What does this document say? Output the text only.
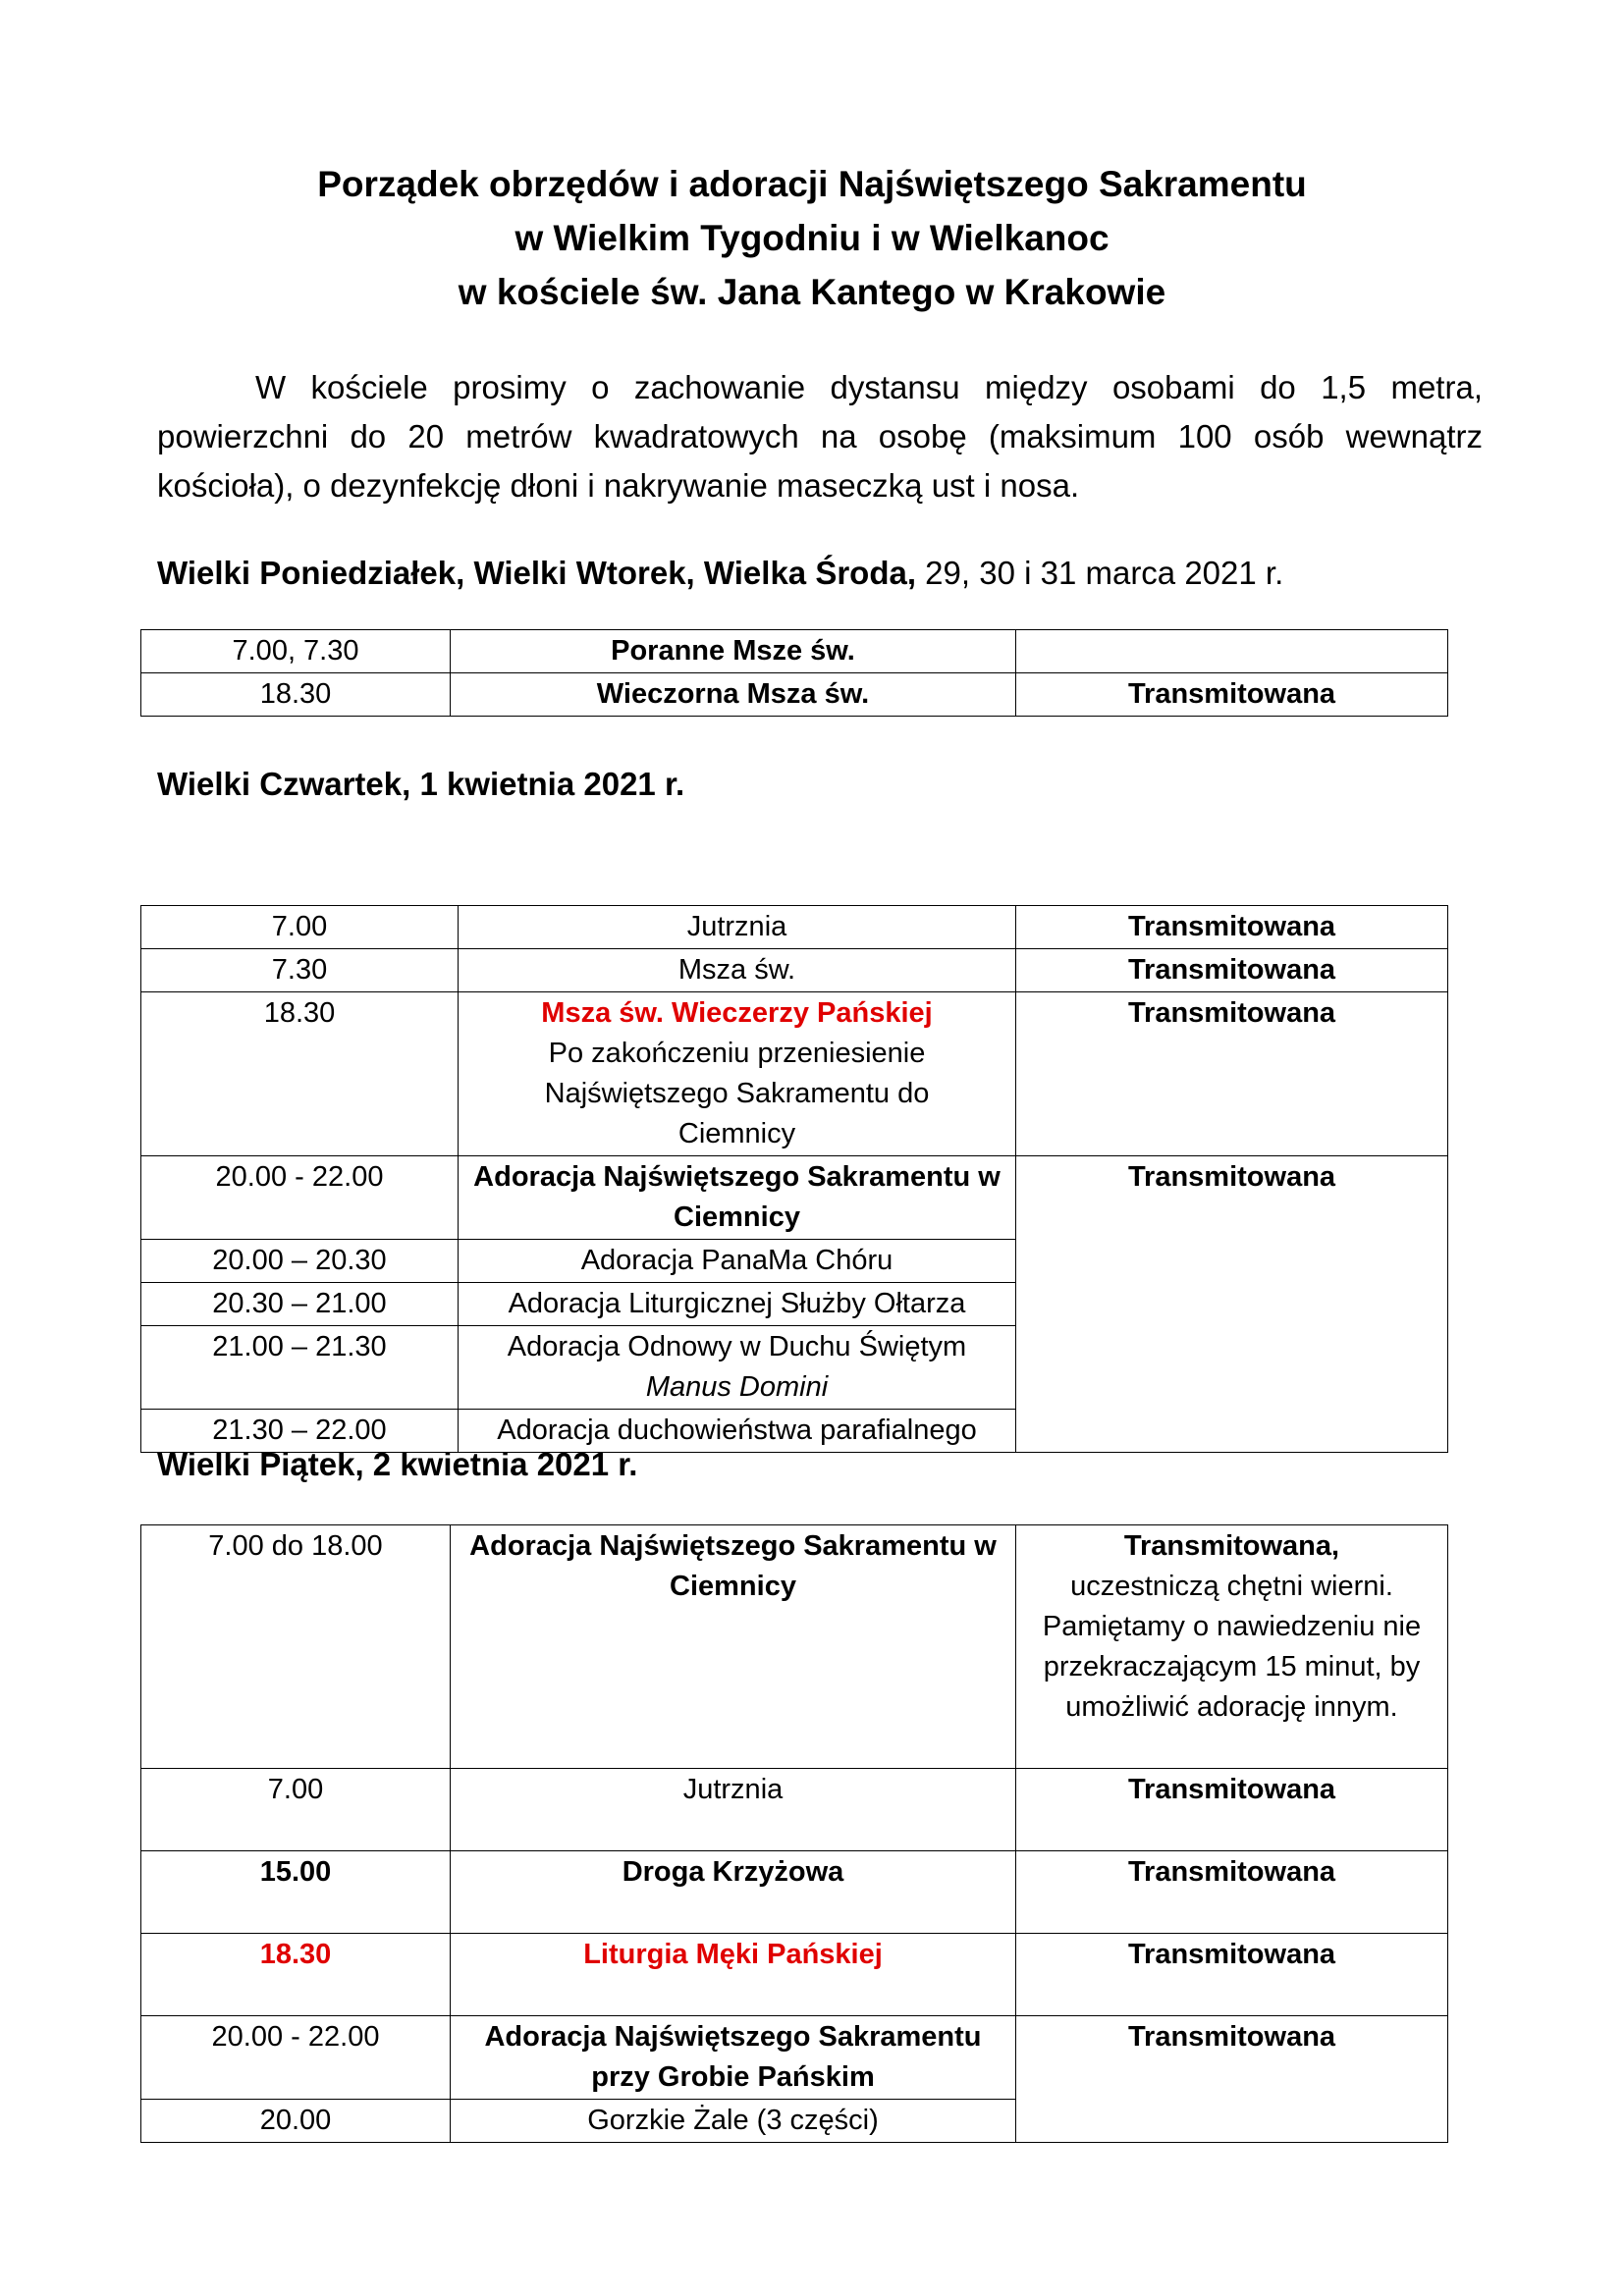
Porządek obrzędów i adoracji Najświętszego Sakramentu
w Wielkim Tygodniu i w Wielkanoc
w kościele św. Jana Kantego w Krakowie

W kościele prosimy o zachowanie dystansu między osobami do 1,5 metra, powierzchni do 20 metrów kwadratowych na osobę (maksimum 100 osób wewnątrz kościoła), o dezynfekcję dłoni i nakrywanie maseczką ust i nosa.

Wielki Poniedziałek, Wielki Wtorek, Wielka Środa, 29, 30 i 31 marca 2021 r.
7.00, 7.30	Poranne Msze św.	
18.30	Wieczorna Msza św.	Transmitowana
Wielki Czwartek, 1 kwietnia 2021 r.
7.00	Jutrznia	Transmitowana
7.30	Msza św.	Transmitowana
18.30	Msza św. Wieczerzy Pańskiej
Po zakończeniu przeniesienie Najświętszego Sakramentu do Ciemnicy	Transmitowana
20.00 - 22.00	Adoracja Najświętszego Sakramentu w Ciemnicy	Transmitowana
20.00 – 20.30	Adoracja PanaMa Chóru	
20.30 – 21.00	Adoracja Liturgicznej Służby Ołtarza	
21.00 – 21.30	Adoracja Odnowy w Duchu Świętym
Manus Domini	

21.30 – 22.00	Adoracja duchowieństwa parafialnego	
Wielki Piątek, 2 kwietnia 2021 r.
7.00 do 18.00	Adoracja Najświętszego Sakramentu w Ciemnicy	Transmitowana,
uczestniczą chętni wierni. Pamiętamy o nawiedzeniu nie przekraczającym 15 minut, by umożliwić adorację innym.

7.00	Jutrznia	Transmitowana
15.00	Droga Krzyżowa	Transmitowana
18.30	Liturgia Męki Pańskiej	Transmitowana
20.00 - 22.00	Adoracja Najświętszego Sakramentu przy Grobie Pańskim	Transmitowana
20.00	Gorzkie Żale (3 części)	
